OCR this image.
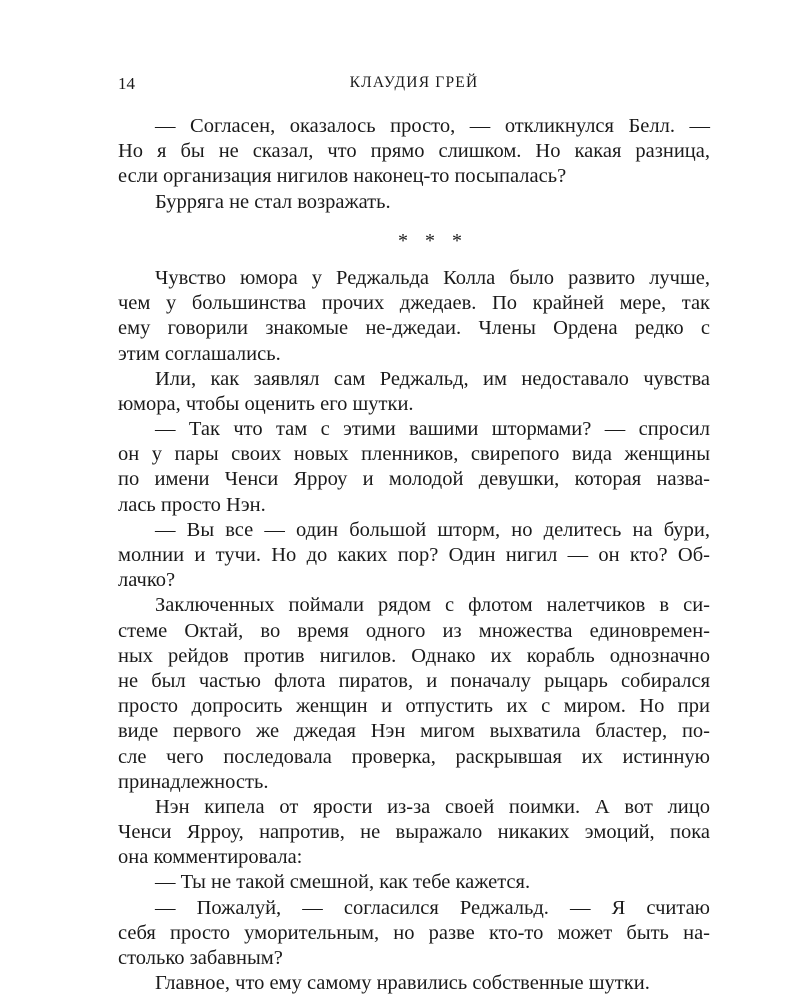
14	КЛАУДИЯ ГРЕЙ
— Согласен, оказалось просто, — откликнулся Белл. —
Но я бы не сказал, что прямо слишком. Но какая разница,
если организация нигилов наконец-то посыпалась?
Бурряга не стал возражать.
* * *
Чувство юмора у Реджальда Колла было развито лучше,
чем у большинства прочих джедаев. По крайней мере, так
ему говорили знакомые не-джедаи. Члены Ордена редко с
этим соглашались.
Или, как заявлял сам Реджальд, им недоставало чувства
юмора, чтобы оценить его шутки.
— Так что там с этими вашими штормами? — спросил
он у пары своих новых пленников, свирепого вида женщины
по имени Ченси Ярроу и молодой девушки, которая назва-
лась просто Нэн.
— Вы все — один большой шторм, но делитесь на бури,
молнии и тучи. Но до каких пор? Один нигил — он кто? Об-
лачко?
Заключенных поймали рядом с флотом налетчиков в си-
стеме Октай, во время одного из множества единовремен-
ных рейдов против нигилов. Однако их корабль однозначно
не был частью флота пиратов, и поначалу рыцарь собирался
просто допросить женщин и отпустить их с миром. Но при
виде первого же джедая Нэн мигом выхватила бластер, по-
сле чего последовала проверка, раскрывшая их истинную
принадлежность.
Нэн кипела от ярости из-за своей поимки. А вот лицо
Ченси Ярроу, напротив, не выражало никаких эмоций, пока
она комментировала:
— Ты не такой смешной, как тебе кажется.
— Пожалуй, — согласился Реджальд. — Я считаю
себя просто уморительным, но разве кто-то может быть на-
столько забавным?
Главное, что ему самому нравились собственные шутки.
